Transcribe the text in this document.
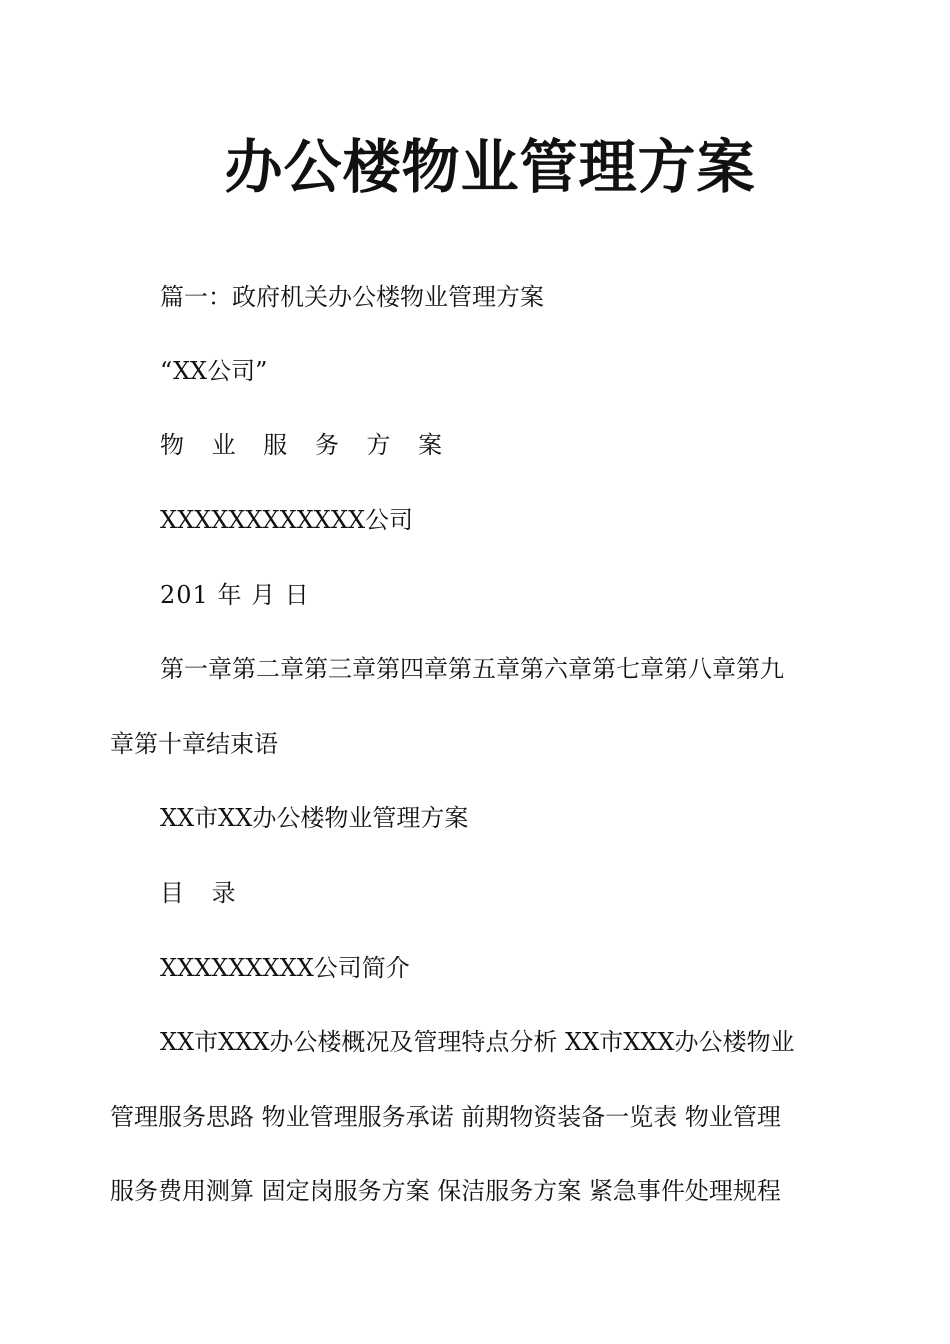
办公楼物业管理方案
篇一：政府机关办公楼物业管理方案
“XX公司”
物 业 服 务 方 案
XXXXXXXXXXXX公司
201 年 月 日
第一章第二章第三章第四章第五章第六章第七章第八章第九
章第十章结束语
XX市XX办公楼物业管理方案
目 录
XXXXXXXXX公司简介
XX市XXX办公楼概况及管理特点分析 XX市XXX办公楼物业
管理服务思路 物业管理服务承诺 前期物资装备一览表 物业管理
服务费用测算 固定岗服务方案 保洁服务方案 紧急事件处理规程
